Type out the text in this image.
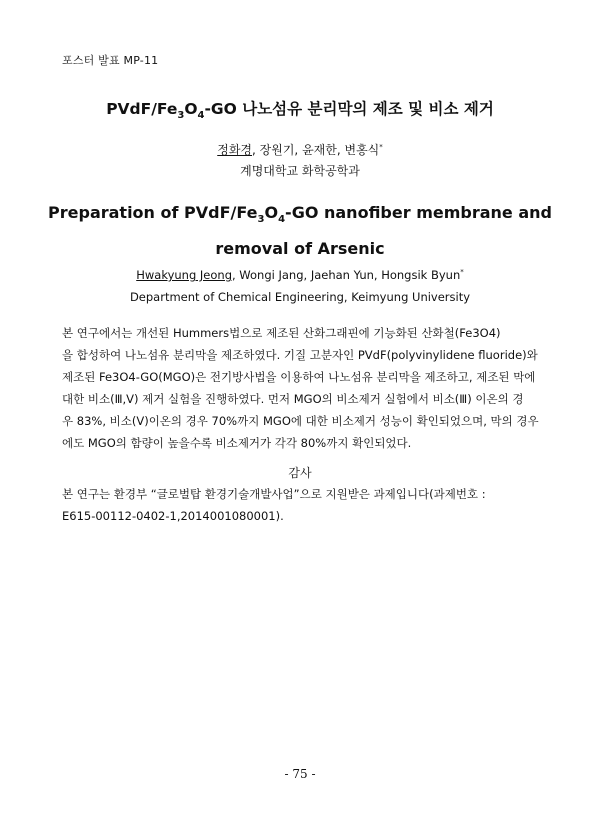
포스터 발표 MP-11
PVdF/$Fe_3O_4-GO$ 나노섬유 분리막의 제조 및 비소 제거
정화경, 장원기, 윤재한, 변홍식*
계명대학교 화학공학과
Preparation of PVdF/$Fe_3O_4-GO$ nanofiber membrane and
removal of Arsenic
Hwakyung Jeong, Wongi Jang, Jaehan Yun, Hongsik Byun*
Department of Chemical Engineering, Keimyung University
본 연구에서는 개선된 Hummers법으로 제조된 산화그래핀에 기능화된 산화철(Fe3O4)
을 합성하여 나노섬유 분리막을 제조하였다. 기질 고분자인 PVdF(polyvinylidene fluoride)와
제조된 Fe3O4-GO(MGO)은 전기방사법을 이용하여 나노섬유 분리막을 제조하고, 제조된 막에
대한 비소(Ⅲ,V) 제거 실험을 진행하였다. 먼저 MGO의 비소제거 실험에서 비소(Ⅲ) 이온의 경
우 83%, 비소(V)이온의 경우 70%까지 MGO에 대한 비소제거 성능이 확인되었으며, 막의 경우
에도 MGO의 함량이 높을수록 비소제거가 각각 80%까지 확인되었다.
감사
본 연구는 환경부 “글로벌탑 환경기술개발사업”으로 지원받은 과제입니다(과제번호 :
E615-00112-0402-1,2014001080001).
- 75 -
